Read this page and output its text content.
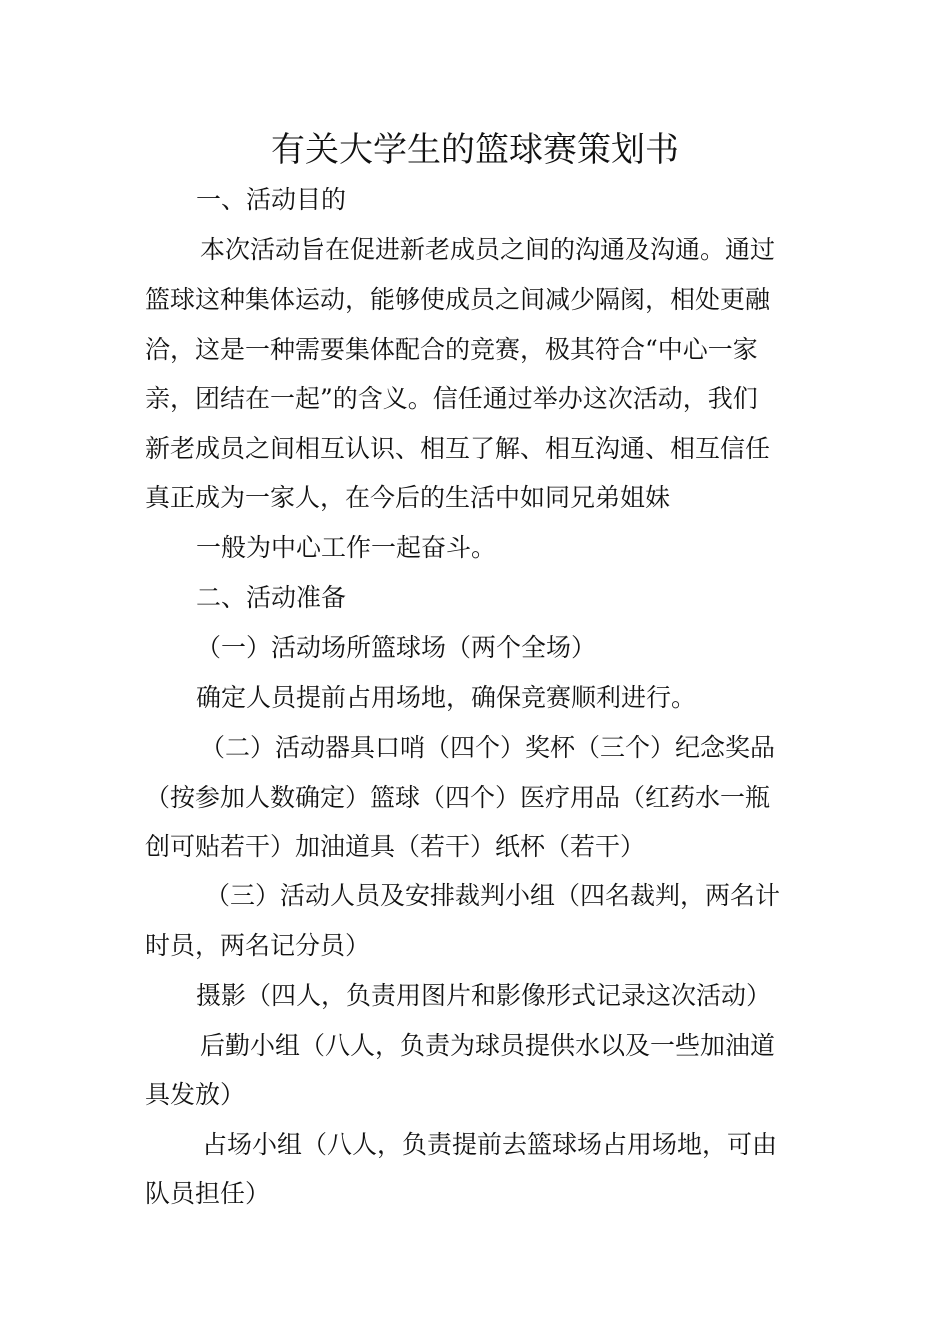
有关大学生的篮球赛策划书
一、活动目的
本次活动旨在促进新老成员之间的沟通及沟通。通过
篮球这种集体运动，能够使成员之间减少隔阂，相处更融
洽，这是一种需要集体配合的竞赛，极其符合“中心一家
亲，团结在一起”的含义。信任通过举办这次活动，我们
新老成员之间相互认识、相互了解、相互沟通、相互信任
真正成为一家人，在今后的生活中如同兄弟姐妹
一般为中心工作一起奋斗。
二、活动准备
（一）活动场所篮球场（两个全场）
确定人员提前占用场地，确保竞赛顺利进行。
（二）活动器具口哨（四个）奖杯（三个）纪念奖品
（按参加人数确定）篮球（四个）医疗用品（红药水一瓶
创可贴若干）加油道具（若干）纸杯（若干）
（三）活动人员及安排裁判小组（四名裁判，两名计
时员，两名记分员）
摄影（四人，负责用图片和影像形式记录这次活动）
后勤小组（八人，负责为球员提供水以及一些加油道
具发放）
占场小组（八人，负责提前去篮球场占用场地，可由
队员担任）
